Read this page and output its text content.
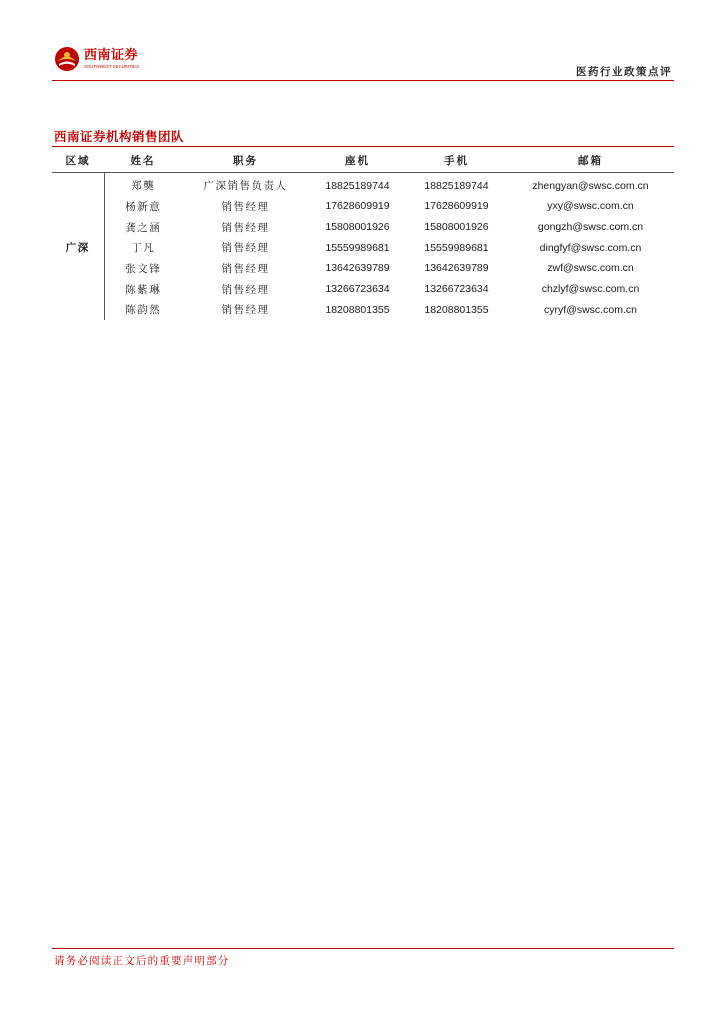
西南证券
SOUTHWEST SECURITIES	医药行业政策点评
西南证券机构销售团队
区域	姓名	职务	座机	手机	邮箱
广深	郑龑	广深销售负责人	18825189744	18825189744	zhengyan@swsc.com.cn
	杨新意	销售经理	17628609919	17628609919	yxy@swsc.com.cn
	龚之涵	销售经理	15808001926	15808001926	gongzh@swsc.com.cn
	丁凡	销售经理	15559989681	15559989681	dingfyf@swsc.com.cn
	张文锋	销售经理	13642639789	13642639789	zwf@swsc.com.cn
	陈紫琳	销售经理	13266723634	13266723634	chzlyf@swsc.com.cn
	陈韵然	销售经理	18208801355	18208801355	cyryf@swsc.com.cn
请务必阅读正文后的重要声明部分
